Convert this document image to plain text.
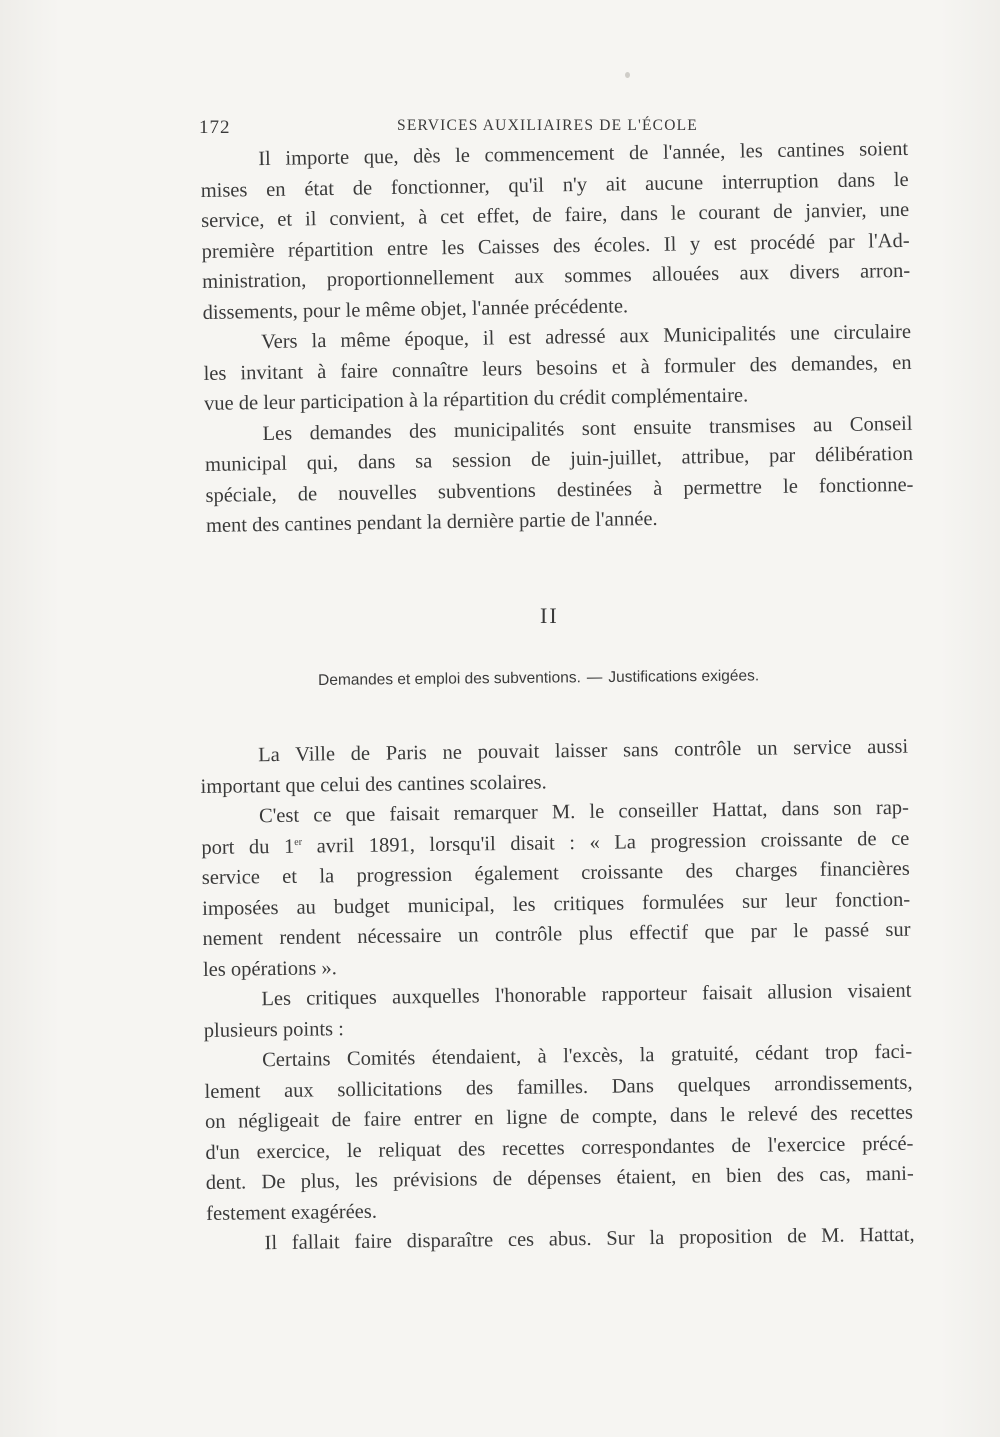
172	SERVICES AUXILIAIRES DE L'ÉCOLE
Il importe que, dès le commencement de l'année, les cantines soient
mises en état de fonctionner, qu'il n'y ait aucune interruption dans le
service, et il convient, à cet effet, de faire, dans le courant de janvier, une
première répartition entre les Caisses des écoles. Il y est procédé par l'Ad-
ministration, proportionnellement aux sommes allouées aux divers arron-
dissements, pour le même objet, l'année précédente.
Vers la même époque, il est adressé aux Municipalités une circulaire
les invitant à faire connaître leurs besoins et à formuler des demandes, en
vue de leur participation à la répartition du crédit complémentaire.
Les demandes des municipalités sont ensuite transmises au Conseil
municipal qui, dans sa session de juin-juillet, attribue, par délibération
spéciale, de nouvelles subventions destinées à permettre le fonctionne-
ment des cantines pendant la dernière partie de l'année.
II
Demandes et emploi des subventions. — Justifications exigées.
La Ville de Paris ne pouvait laisser sans contrôle un service aussi
important que celui des cantines scolaires.
C'est ce que faisait remarquer M. le conseiller Hattat, dans son rap-
port du 1er avril 1891, lorsqu'il disait : « La progression croissante de ce
service et la progression également croissante des charges financières
imposées au budget municipal, les critiques formulées sur leur fonction-
nement rendent nécessaire un contrôle plus effectif que par le passé sur
les opérations ».
Les critiques auxquelles l'honorable rapporteur faisait allusion visaient
plusieurs points :
Certains Comités étendaient, à l'excès, la gratuité, cédant trop faci-
lement aux sollicitations des familles. Dans quelques arrondissements,
on négligeait de faire entrer en ligne de compte, dans le relevé des recettes
d'un exercice, le reliquat des recettes correspondantes de l'exercice précé-
dent. De plus, les prévisions de dépenses étaient, en bien des cas, mani-
festement exagérées.
Il fallait faire disparaître ces abus. Sur la proposition de M. Hattat,
